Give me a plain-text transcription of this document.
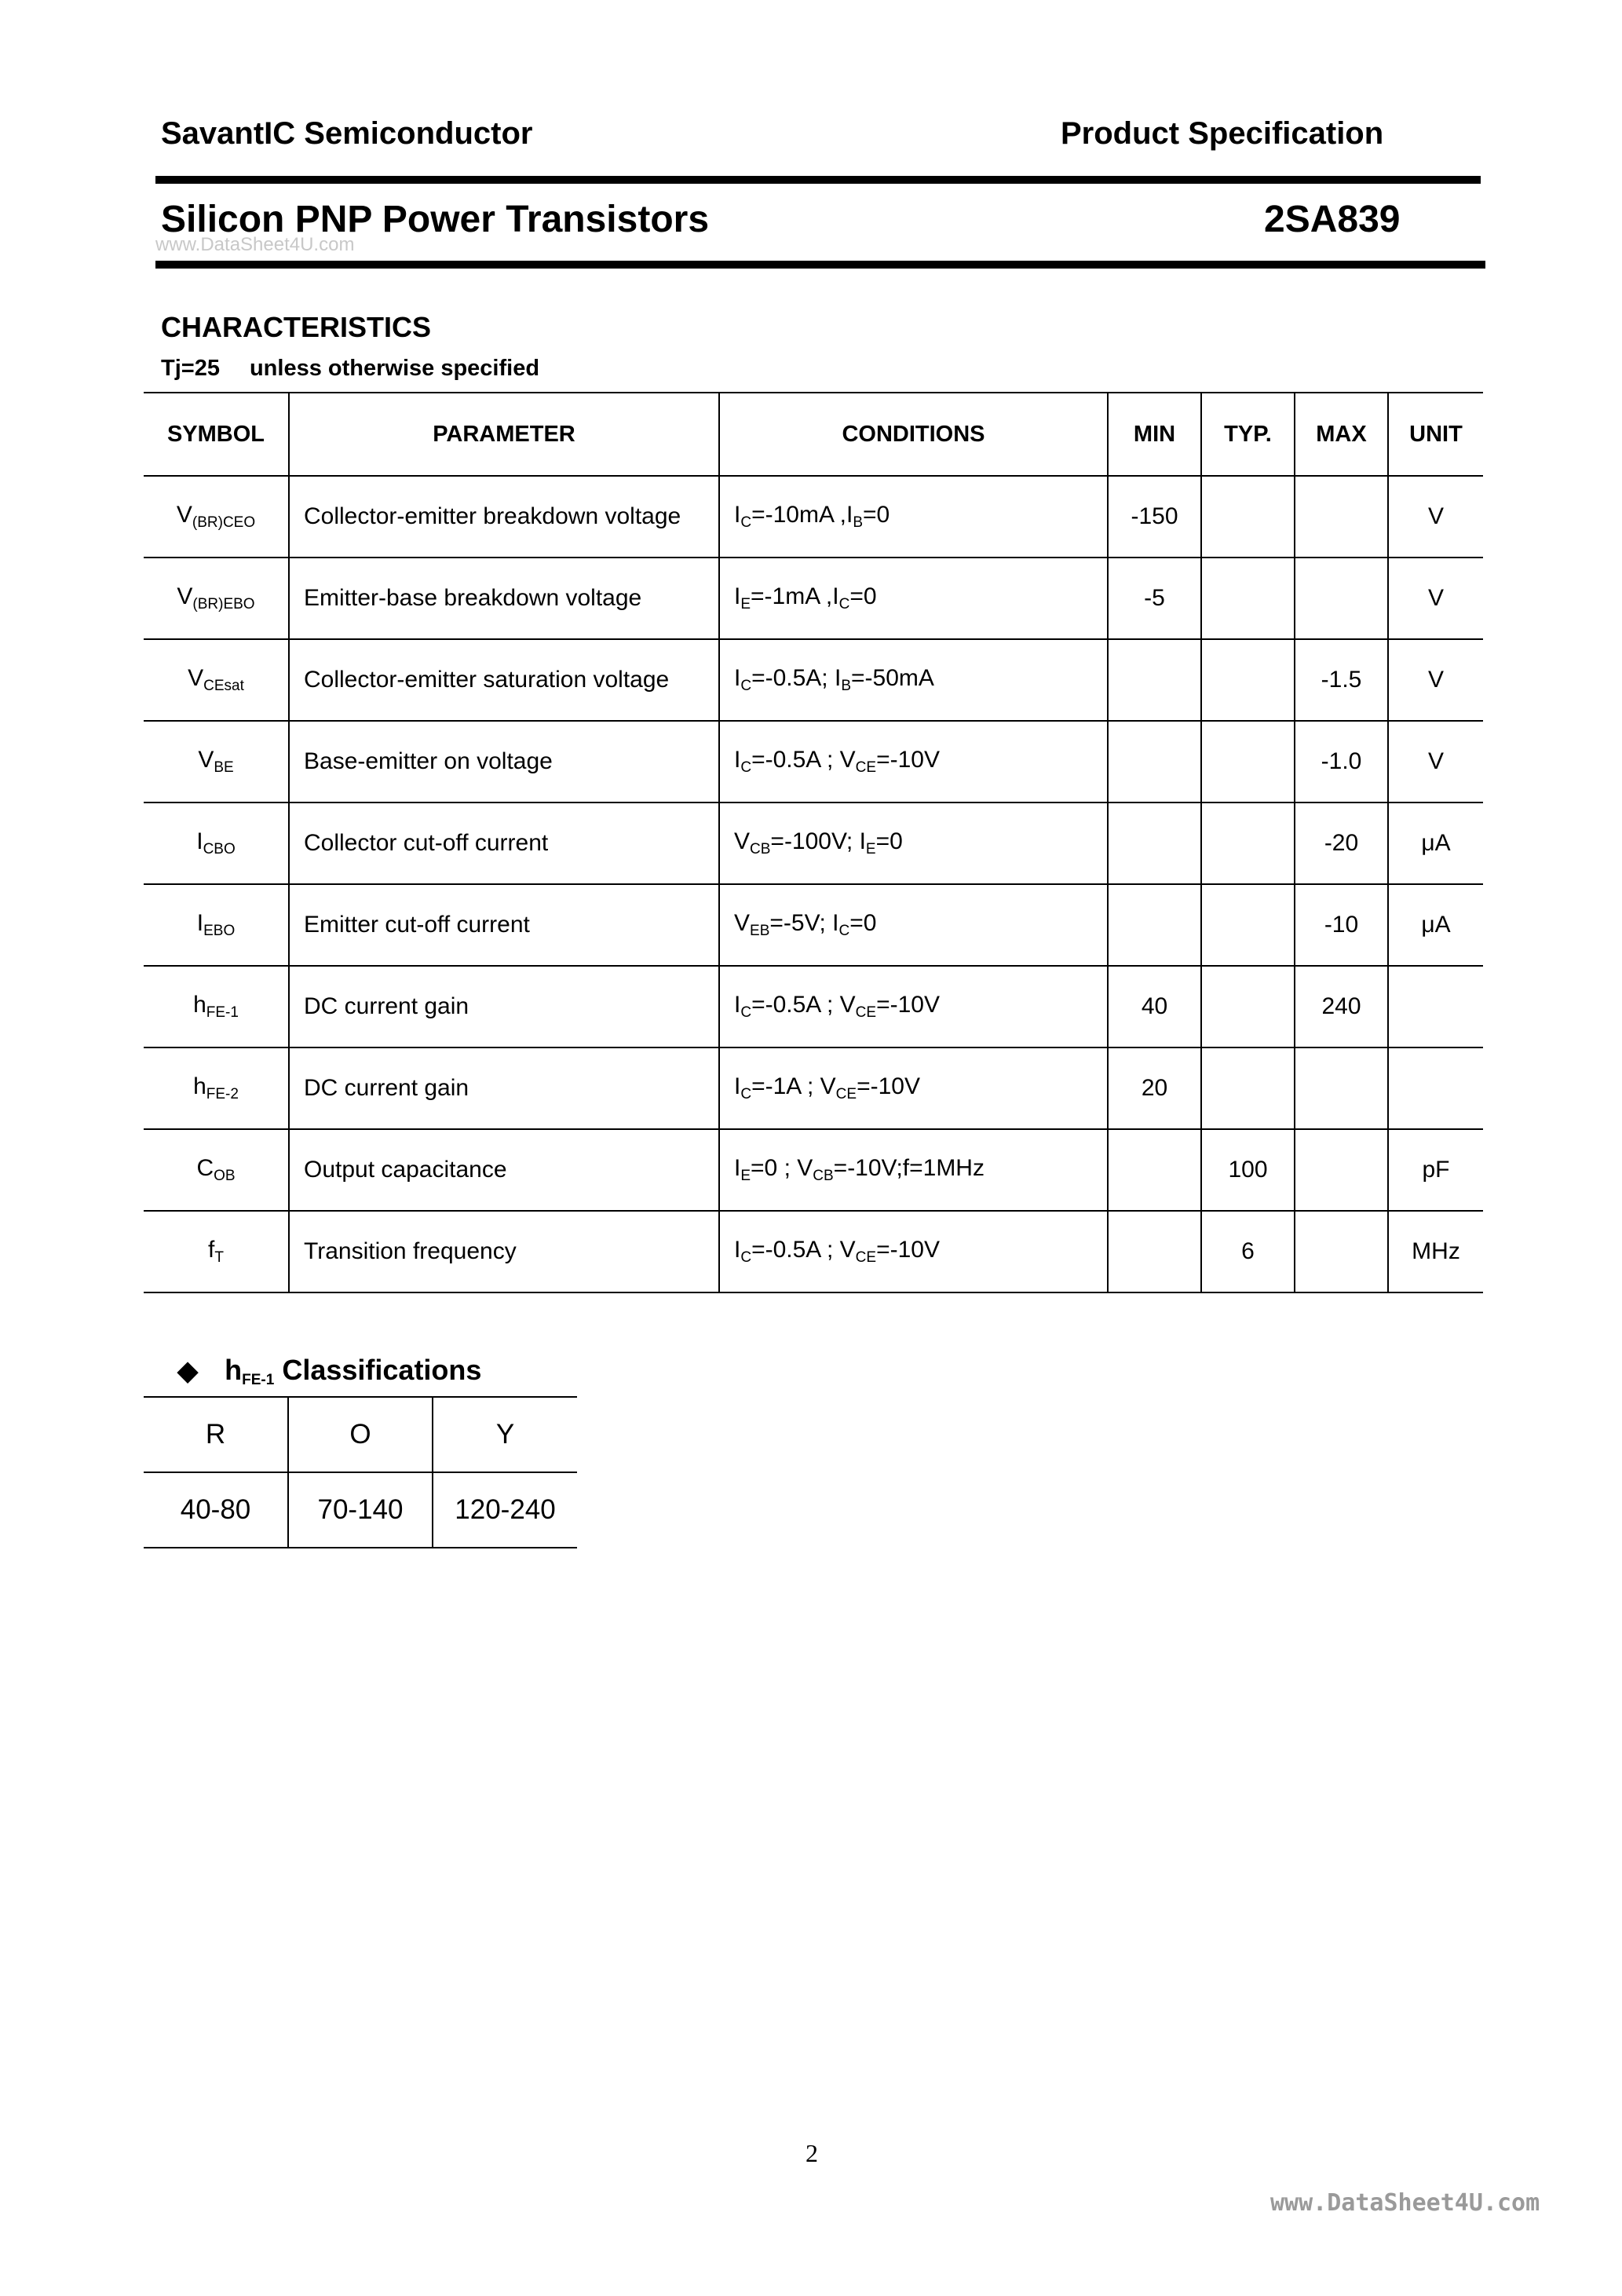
SavantIC Semiconductor	Product Specification
Silicon PNP Power Transistors	2SA839
www.DataSheet4U.com
CHARACTERISTICS
Tj=25 unless otherwise specified
SYMBOL	PARAMETER	CONDITIONS	MIN	TYP.	MAX	UNIT
$V_{(BR)CEO}$	Collector-emitter breakdown voltage	$I_C=-10mA$ $,I_B=0$	-150			V
$V_{(BR)EBO}$	Emitter-base breakdown voltage	$I_E=-1mA$ $,I_C=0$	-5			V
$V_{CEsat}$	Collector-emitter saturation voltage	$I_C=-0.5A$; $I_B=-50mA$			-1.5	V
$V_{BE}$	Base-emitter on voltage	$I_C=-0.5A$ ; $V_{CE}=-10V$			-1.0	V
$I_{CBO}$	Collector cut-off current	$V_{CB}=-100V$; $I_E=0$			-20	μA
$I_{EBO}$	Emitter cut-off current	$V_{EB}=-5V$; $I_C=0$			-10	μA
$h_{FE-1}$	DC current gain	$I_C=-0.5A$ ; $V_{CE}=-10V$	40		240	
$h_{FE-2}$	DC current gain	$I_C=-1A$ ; $V_{CE}=-10V$	20			
$C_{OB}$	Output capacitance	$I_E=0$ ; $V_{CB}=-10V;f=1MHz$		100		pF
$f_T$	Transition frequency	$I_C=-0.5A$ ; $V_{CE}=-10V$		6		MHz
◆ $h_{FE-1}$ Classifications
R	O	Y
40-80	70-140	120-240
2
www.DataSheet4U.com
